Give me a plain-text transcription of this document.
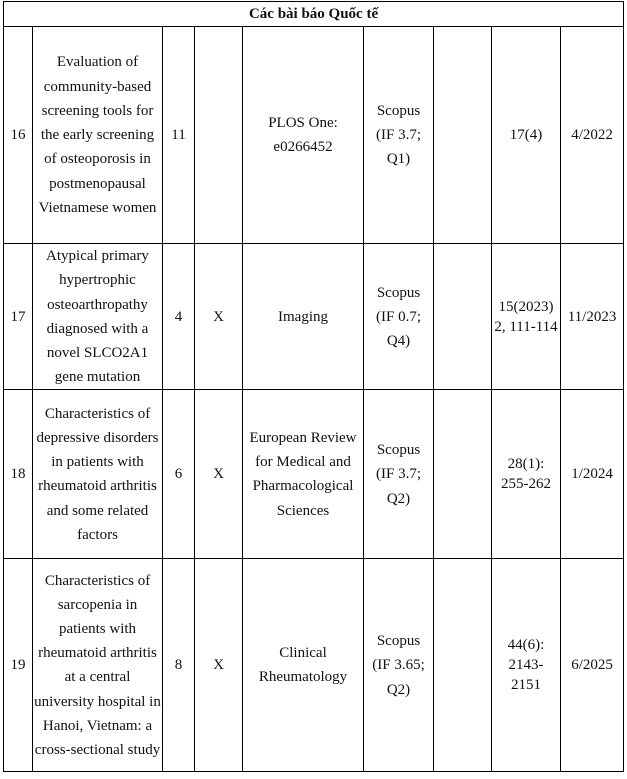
Các bài báo Quốc tế								
16	Evaluation of community-based screening tools for the early screening of osteoporosis in postmenopausal Vietnamese women	11		PLOS One: e0266452	Scopus (IF 3.7; Q1)		17(4)	4/2022
17	Atypical primary hypertrophic osteoarthropathy diagnosed with a novel SLCO2A1 gene mutation	4	X	Imaging	Scopus (IF 0.7; Q4)		15(2023) 2, 111-114	11/2023
18	Characteristics of depressive disorders in patients with rheumatoid arthritis and some related factors	6	X	European Review for Medical and Pharmacological Sciences	Scopus (IF 3.7; Q2)		28(1): 255-262	1/2024
19	Characteristics of sarcopenia in patients with rheumatoid arthritis at a central university hospital in Hanoi, Vietnam: a cross-sectional study	8	X	Clinical Rheumatology	Scopus (IF 3.65; Q2)		44(6): 2143-2151	6/2025
